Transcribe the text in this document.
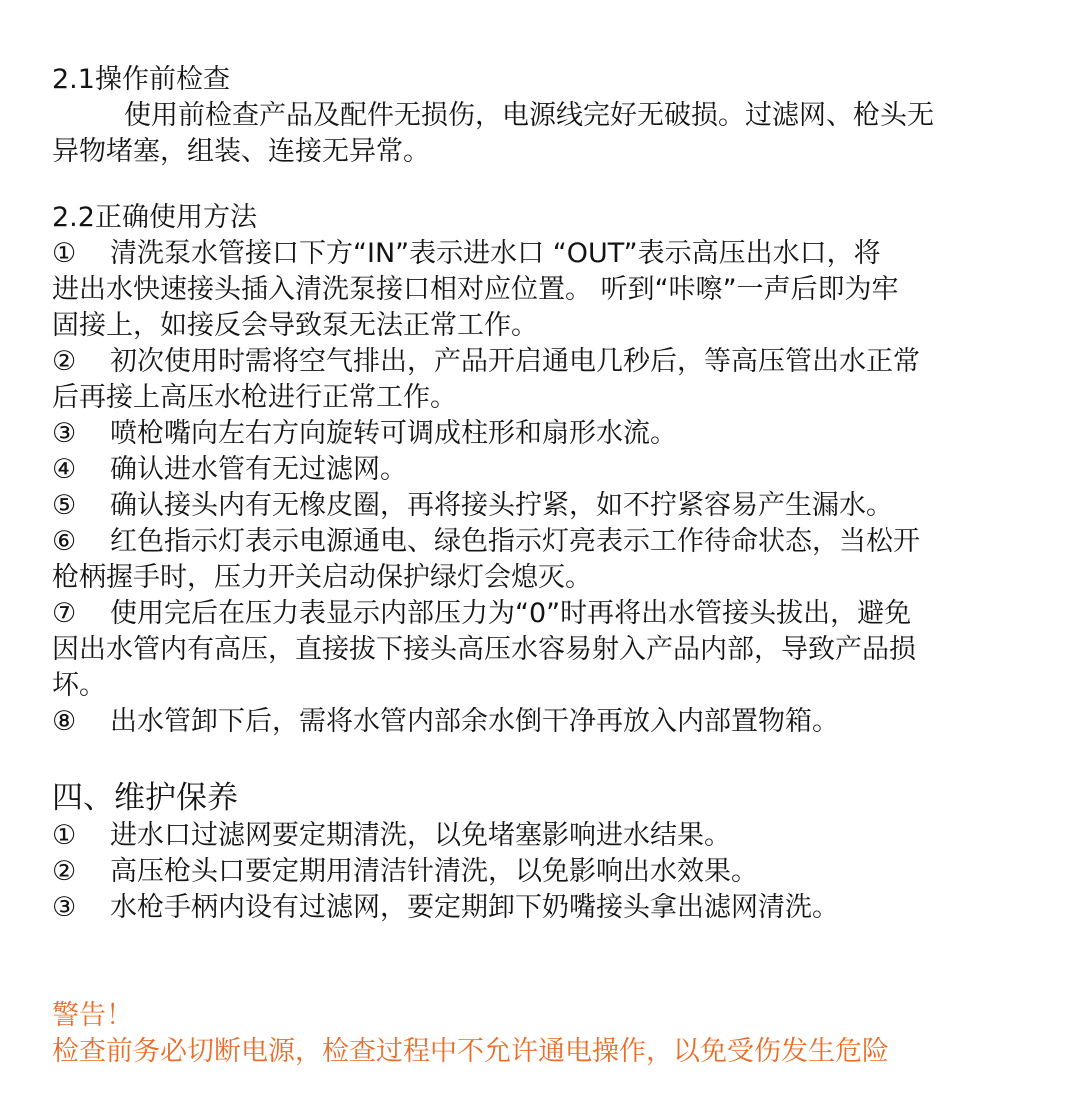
2.1操作前检查
使用前检查产品及配件无损伤，电源线完好无破损。过滤网、枪头无
异物堵塞，组装、连接无异常。
2.2正确使用方法
① 清洗泵水管接口下方“IN”表示进水口 “OUT”表示高压出水口，将
进出水快速接头插入清洗泵接口相对应位置。 听到“咔嚓”一声后即为牢
固接上，如接反会导致泵无法正常工作。
② 初次使用时需将空气排出，产品开启通电几秒后，等高压管出水正常
后再接上高压水枪进行正常工作。
③ 喷枪嘴向左右方向旋转可调成柱形和扇形水流。
④ 确认进水管有无过滤网。
⑤ 确认接头内有无橡皮圈，再将接头拧紧，如不拧紧容易产生漏水。
⑥ 红色指示灯表示电源通电、绿色指示灯亮表示工作待命状态，当松开
枪柄握手时，压力开关启动保护绿灯会熄灭。
⑦ 使用完后在压力表显示内部压力为“0”时再将出水管接头拔出，避免
因出水管内有高压，直接拔下接头高压水容易射入产品内部，导致产品损
坏。
⑧ 出水管卸下后，需将水管内部余水倒干净再放入内部置物箱。
四、维护保养
① 进水口过滤网要定期清洗，以免堵塞影响进水结果。
② 高压枪头口要定期用清洁针清洗，以免影响出水效果。
③ 水枪手柄内设有过滤网，要定期卸下奶嘴接头拿出滤网清洗。
警告！
检查前务必切断电源，检查过程中不允许通电操作，以免受伤发生危险
